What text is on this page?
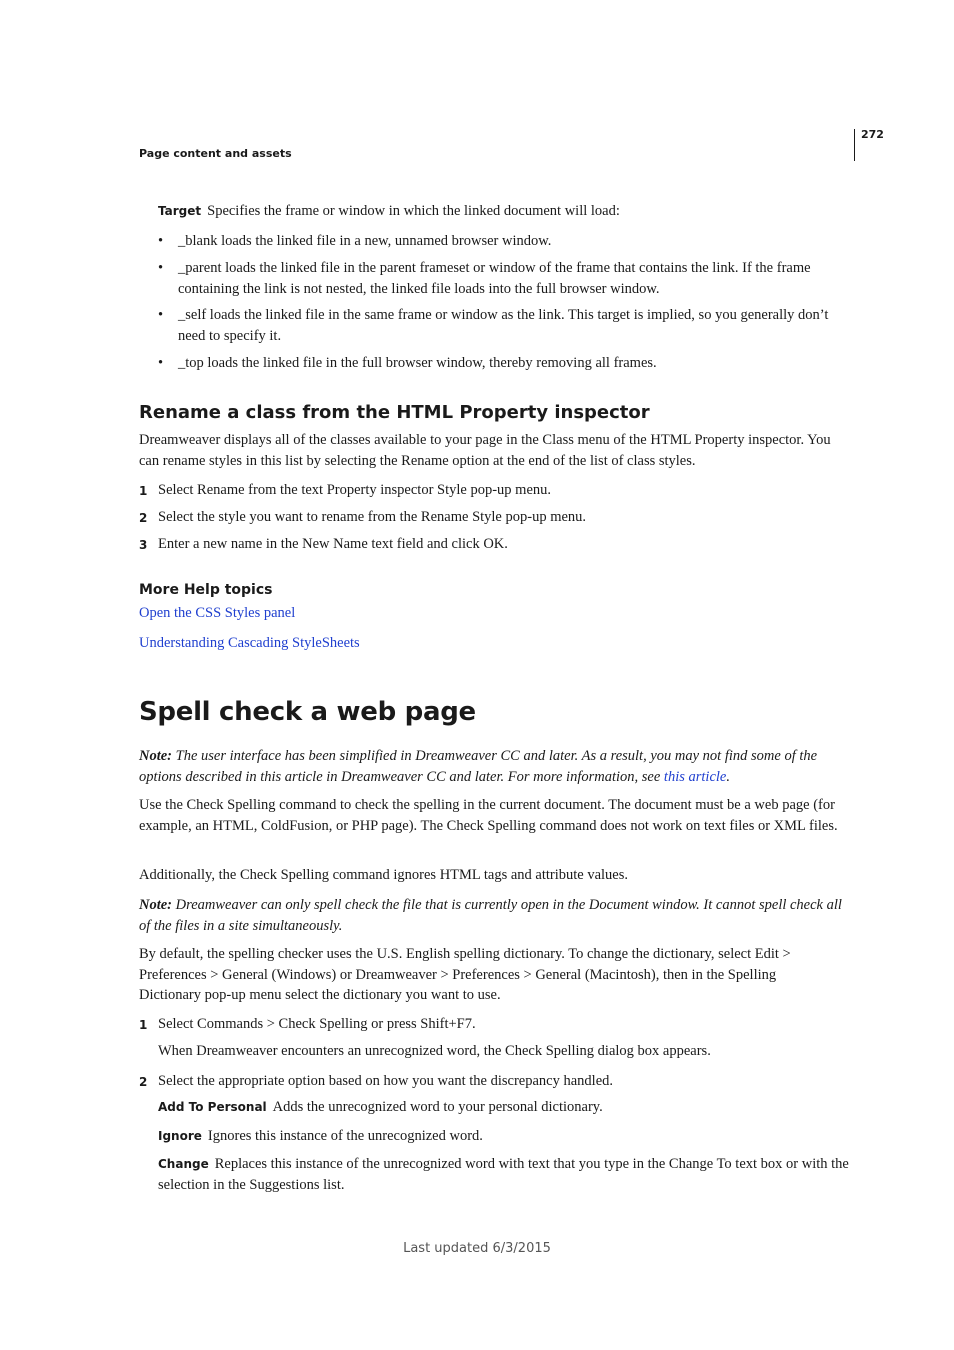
272
Page content and assets
Target Specifies the frame or window in which the linked document will load:
• _blank loads the linked file in a new, unnamed browser window.
• _parent loads the linked file in the parent frameset or window of the frame that contains the link. If the frame containing the link is not nested, the linked file loads into the full browser window.
• _self loads the linked file in the same frame or window as the link. This target is implied, so you generally don’t need to specify it.
• _top loads the linked file in the full browser window, thereby removing all frames.
Rename a class from the HTML Property inspector
Dreamweaver displays all of the classes available to your page in the Class menu of the HTML Property inspector. You can rename styles in this list by selecting the Rename option at the end of the list of class styles.
1 Select Rename from the text Property inspector Style pop-up menu.
2 Select the style you want to rename from the Rename Style pop-up menu.
3 Enter a new name in the New Name text field and click OK.
More Help topics
Open the CSS Styles panel
Understanding Cascading StyleSheets
Spell check a web page
Note: The user interface has been simplified in Dreamweaver CC and later. As a result, you may not find some of the options described in this article in Dreamweaver CC and later. For more information, see this article.
Use the Check Spelling command to check the spelling in the current document. The document must be a web page (for example, an HTML, ColdFusion, or PHP page). The Check Spelling command does not work on text files or XML files.
Additionally, the Check Spelling command ignores HTML tags and attribute values.
Note: Dreamweaver can only spell check the file that is currently open in the Document window. It cannot spell check all of the files in a site simultaneously.
By default, the spelling checker uses the U.S. English spelling dictionary. To change the dictionary, select Edit > Preferences > General (Windows) or Dreamweaver > Preferences > General (Macintosh), then in the Spelling Dictionary pop-up menu select the dictionary you want to use.
1 Select Commands > Check Spelling or press Shift+F7.
When Dreamweaver encounters an unrecognized word, the Check Spelling dialog box appears.
2 Select the appropriate option based on how you want the discrepancy handled.
Add To Personal Adds the unrecognized word to your personal dictionary.
Ignore Ignores this instance of the unrecognized word.
Change Replaces this instance of the unrecognized word with text that you type in the Change To text box or with the selection in the Suggestions list.
Last updated 6/3/2015
